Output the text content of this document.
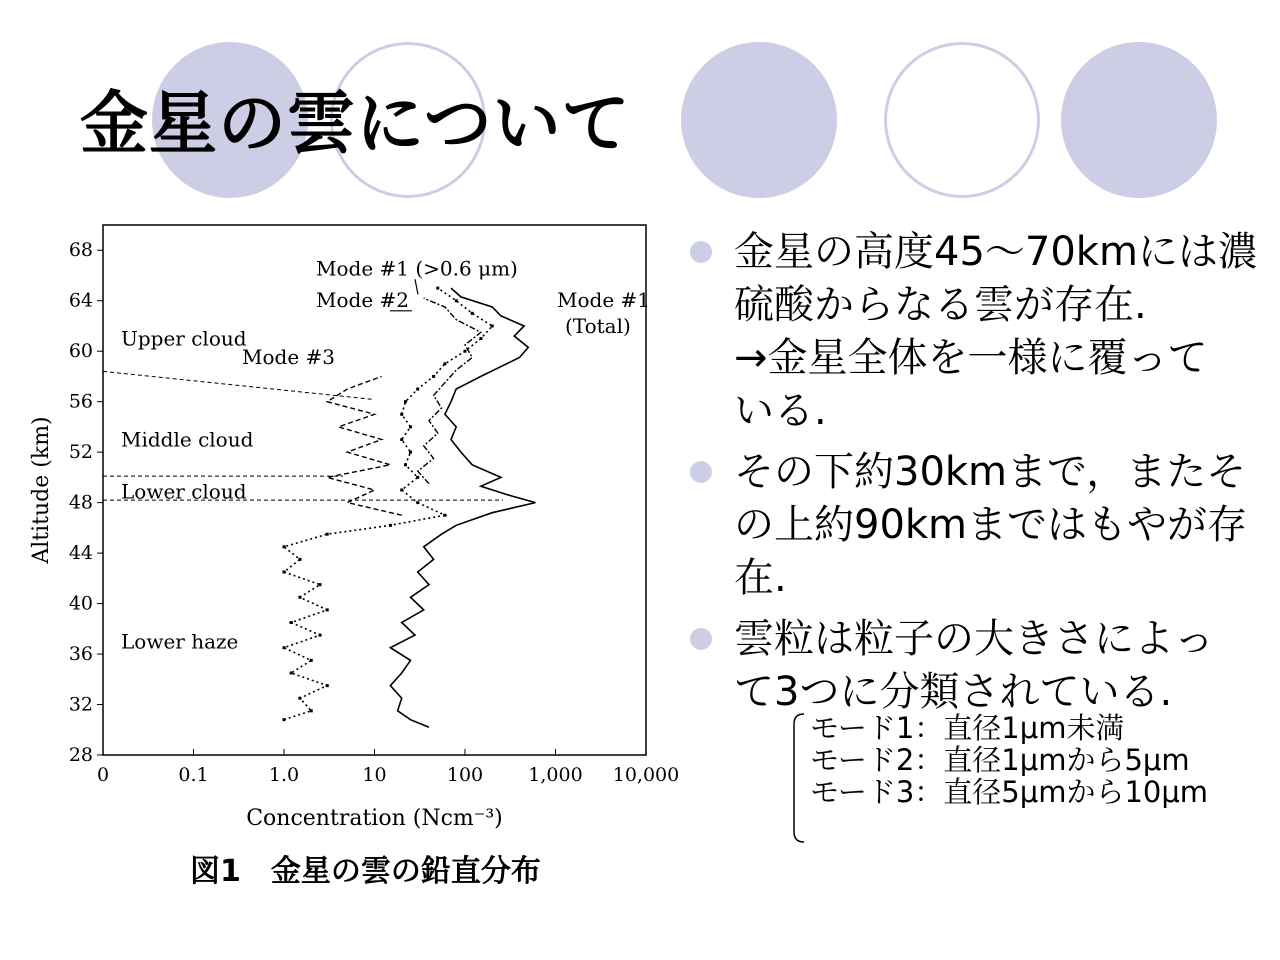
金星の雲について
0	0.1	1.0	10	100 1,000 10,000
28
32
36
40
44
48
52
56
60
64
68
Concentration (Ncm⁻³)
Altitude (km)
Upper cloud
Middle cloud
Lower cloud
Lower haze
Mode #1 (>0.6 μm)
Mode #2	Mode #1 (Total)
Mode #3
図1　金星の雲の鉛直分布

金星の高度45〜70kmには濃

硫酸からなる雲が存在.

→金星全体を一様に覆って

いる.

その下約30kmまで，またそ

の上約90kmまではもやが存

在.

雲粒は粒子の大きさによっ

て3つに分類されている.

モード1：直径1μm未満
モード2：直径1μmから5μm
モード3：直径5μmから10μm
